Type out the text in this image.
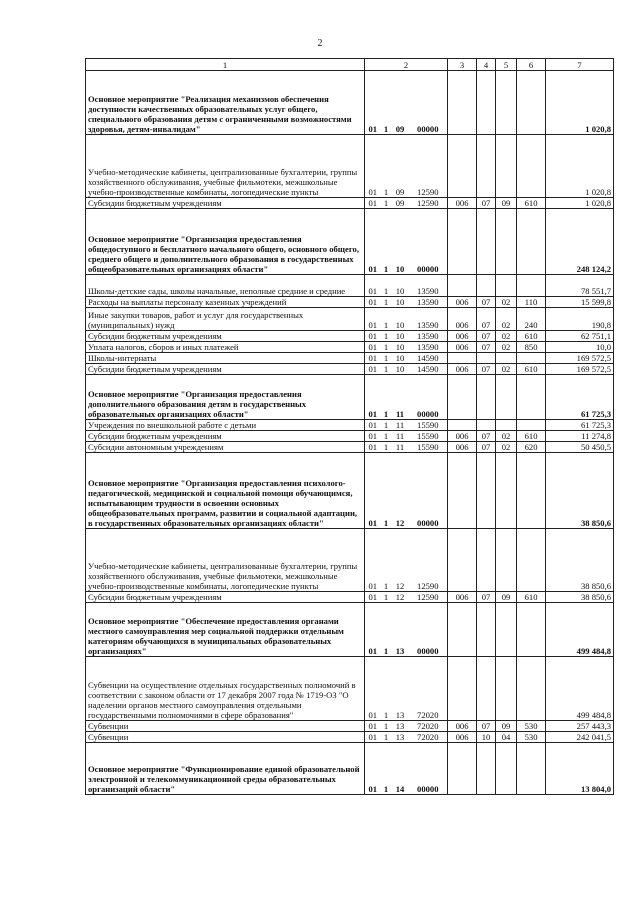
2
1	2				3	4	5	6	7
Основное мероприятие "Реализация механизмов обеспечения доступности качественных образовательных услуг общего, специального образования детям с ограниченными возможностями здоровья, детям-инвалидам"	01	1	09	00000					1 020,8
Учебно-методические кабинеты, централизованные бухгалтерии, группы хозяйственного обслуживания, учебные фильмотеки, межшкольные учебно-производственные комбинаты, логопедические пункты	01	1	09	12590					1 020,8
Субсидии бюджетным учреждениям	01	1	09	12590	006	07	09	610	1 020,8
Основное мероприятие "Организация предоставления общедоступного и бесплатного начального общего, основного общего, среднего общего и дополнительного образования в государственных общеобразовательных организациях области"	01	1	10	00000					248 124,2
Школы-детские сады, школы начальные, неполные средние и средние	01	1	10	13590					78 551,7
Расходы на выплаты персоналу казенных учреждений	01	1	10	13590	006	07	02	110	15 599,8
Иные закупки товаров, работ и услуг для государственных (муниципальных) нужд	01	1	10	13590	006	07	02	240	190,8
Субсидии бюджетным учреждениям	01	1	10	13590	006	07	02	610	62 751,1
Уплата налогов, сборов и иных платежей	01	1	10	13590	006	07	02	850	10,0
Школы-интернаты	01	1	10	14590					169 572,5
Субсидии бюджетным учреждениям	01	1	10	14590	006	07	02	610	169 572,5
Основное мероприятие "Организация предоставления дополнительного образования детям в государственных образовательных организациях области"	01	1	11	00000					61 725,3
Учреждения по внешкольной работе с детьми	01	1	11	15590					61 725,3
Субсидии бюджетным учреждениям	01	1	11	15590	006	07	02	610	11 274,8
Субсидии автономным учреждениям	01	1	11	15590	006	07	02	620	50 450,5
Основное мероприятие "Организация предоставления психолого-педагогической, медицинской и социальной помощи обучающимся, испытывающим трудности в освоении основных общеобразовательных программ, развитии и социальной адаптации, в государственных образовательных организациях области"	01	1	12	00000					38 850,6
Учебно-методические кабинеты, централизованные бухгалтерии, группы хозяйственного обслуживания, учебные фильмотеки, межшкольные учебно-производственные комбинаты, логопедические пункты	01	1	12	12590					38 850,6
Субсидии бюджетным учреждениям	01	1	12	12590	006	07	09	610	38 850,6
Основное мероприятие "Обеспечение предоставления органами местного самоуправления мер социальной поддержки отдельным категориям обучающихся в муниципальных образовательных организациях"	01	1	13	00000					499 484,8
Субвенции на осуществление отдельных государственных полномочий в соответствии с законом области от 17 декабря 2007 года № 1719-ОЗ "О наделении органов местного самоуправления отдельными государственными полномочиями в сфере образования"	01	1	13	72020					499 484,8
Субвенции	01	1	13	72020	006	07	09	530	257 443,3
Субвенции	01	1	13	72020	006	10	04	530	242 041,5
Основное мероприятие "Функционирование единой образовательной электронной и телекоммуникационной среды образовательных организаций области"	01	1	14	00000					13 804,0
